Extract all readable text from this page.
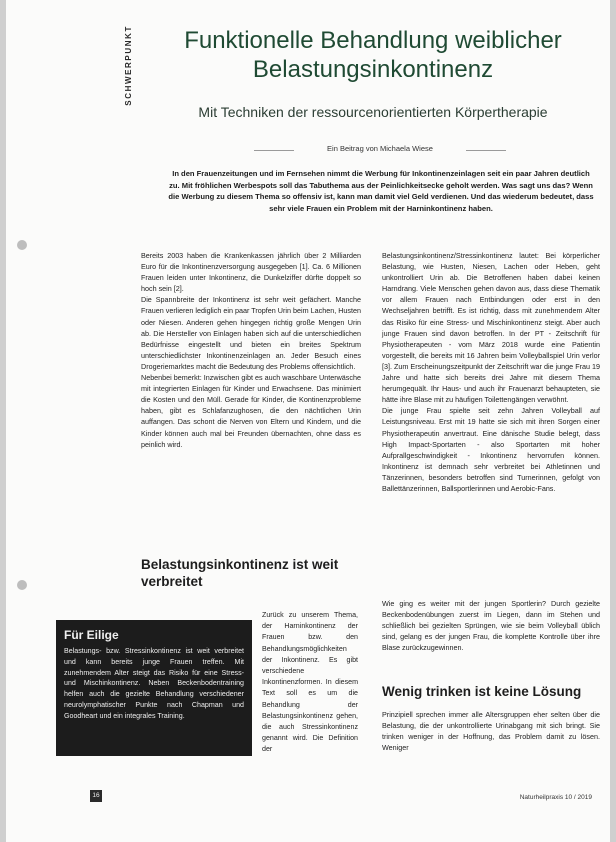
SCHWERPUNKT	Funktionelle Behandlung weiblicher Belastungsinkontinenz
Mit Techniken der ressourcenorientierten Körpertherapie
Ein Beitrag von Michaela Wiese
In den Frauenzeitungen und im Fernsehen nimmt die Werbung für Inkontinenzeinlagen seit ein paar Jahren deutlich zu. Mit fröhlichen Werbespots soll das Tabuthema aus der Peinlichkeitsecke geholt werden. Was sagt uns das? Wenn die Werbung zu diesem Thema so offensiv ist, kann man damit viel Geld verdienen. Und das wiederum bedeutet, dass sehr viele Frauen ein Problem mit der Harninkontinenz haben.

Bereits 2003 haben die Krankenkassen jährlich über 2 Milliarden Euro für die Inkontinenzversorgung ausgegeben [1]. Ca. 6 Millionen Frauen leiden unter Inkontinenz, die Dunkelziffer dürfte doppelt so hoch sein [2].

Die Spannbreite der Inkontinenz ist sehr weit gefächert. Manche Frauen verlieren lediglich ein paar Tropfen Urin beim Lachen, Husten oder Niesen. Anderen gehen hingegen richtig große Mengen Urin ab. Die Hersteller von Einlagen haben sich auf die unterschiedlichen Bedürfnisse eingestellt und bieten ein breites Spektrum unterschiedlichster Inkontinenzeinlagen an. Jeder Besuch eines Drogeriemarktes macht die Bedeutung des Problems offensichtlich.

Nebenbei bemerkt: Inzwischen gibt es auch waschbare Unterwäsche mit integrierten Einlagen für Kinder und Erwachsene. Das minimiert die Kosten und den Müll. Gerade für Kinder, die Kontinenzprobleme haben, gibt es Schlafanzughosen, die den nächtlichen Urin auffangen. Das schont die Nerven von Eltern und Kindern, und die Kinder können auch mal bei Freunden übernachten, ohne dass es peinlich wird.

Belastungsinkontinenz ist weit verbreitet
Zurück zu unserem Thema, der Harninkontinenz der Frauen bzw. den Behandlungsmöglichkeiten der Inkontinenz. Es gibt verschiedene Inkontinenzformen. In diesem Text soll es um die Behandlung der Belastungsinkontinenz gehen, die auch Stressinkontinenz genannt wird. Die Definition der
Für Eilige
Belastungs- bzw. Stressinkontinenz ist weit verbreitet und kann bereits junge Frauen treffen. Mit zunehmendem Alter steigt das Risiko für eine Stress- und Mischinkontinenz. Neben Beckenbodentraining helfen auch die gezielte Behandlung verschiedener neurolymphatischer Punkte nach Chapman und Goodheart und ein integrales Training.

Belastungsinkontinenz/Stressinkontinenz lautet: Bei körperlicher Belastung, wie Husten, Niesen, Lachen oder Heben, geht unkontrolliert Urin ab. Die Betroffenen haben dabei keinen Harndrang. Viele Menschen gehen davon aus, dass diese Thematik vor allem Frauen nach Entbindungen oder erst in den Wechseljahren betrifft. Es ist richtig, dass mit zunehmendem Alter das Risiko für eine Stress- und Mischinkontinenz steigt. Aber auch junge Frauen sind davon betroffen. In der PT - Zeitschrift für Physiotherapeuten - vom März 2018 wurde eine Patientin vorgestellt, die bereits mit 16 Jahren beim Volleyballspiel Urin verlor [3]. Zum Erscheinungszeitpunkt der Zeitschrift war die junge Frau 19 Jahre und hatte sich bereits drei Jahre mit diesem Thema herumgequält. Ihr Haus- und auch ihr Frauenarzt behaupteten, sie hätte ihre Blase mit zu häufigen Toilettengängen verwöhnt.

Die junge Frau spielte seit zehn Jahren Volleyball auf Leistungsniveau. Erst mit 19 hatte sie sich mit ihren Sorgen einer Physiotherapeutin anvertraut. Eine dänische Studie belegt, dass High Impact-Sportarten - also Sportarten mit hoher Aufprallgeschwindigkeit - Inkontinenz hervorrufen können. Inkontinenz ist demnach sehr verbreitet bei Athletinnen und Tänzerinnen, besonders betroffen sind Turnerinnen, gefolgt von Ballettänzerinnen, Ballsportlerinnen und Aerobic-Fans.

Wie ging es weiter mit der jungen Sportlerin? Durch gezielte Beckenbodenübungen zuerst im Liegen, dann im Stehen und schließlich bei gezielten Sprüngen, wie sie beim Volleyball üblich sind, gelang es der jungen Frau, die komplette Kontrolle über ihre Blase zurückzugewinnen.
Wenig trinken ist keine Lösung
Prinzipiell sprechen immer alle Altersgruppen eher selten über die Belastung, die der unkontrollierte Urinabgang mit sich bringt. Sie trinken weniger in der Hoffnung, das Problem damit zu lösen. Weniger
16	Naturheilpraxis 10 / 2019
